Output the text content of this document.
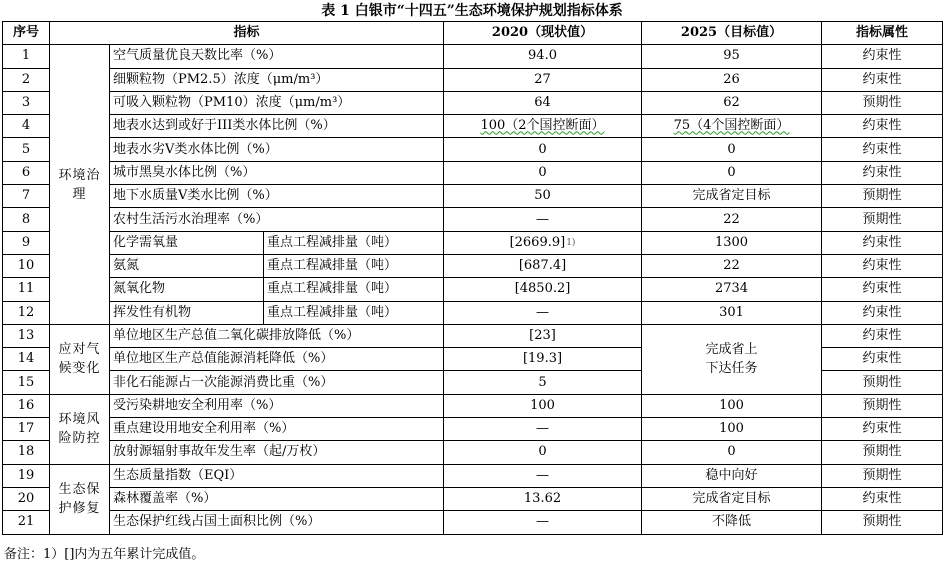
表 1 白银市“十四五”生态环境保护规划指标体系
序号	指标			2020（现状值）	2025（目标值）	指标属性
1	环境治理	空气质量优良天数比率（%）		94.0	95	约束性
2		细颗粒物（PM2.5）浓度（μm/m³）		27	26	约束性
3		可吸入颗粒物（PM10）浓度（μm/m³）		64	62	预期性
4		地表水达到或好于III类水体比例（%）		100（2个国控断面）	75（4个国控断面）	约束性
5		地表水劣Ⅴ类水体比例（%）		0	0	约束性
6		城市黑臭水体比例（%）		0	0	约束性
7		地下水质量Ⅴ类水比例（%）		50	完成省定目标	预期性
8		农村生活污水治理率（%）		—	22	预期性
9		化学需氧量	重点工程减排量（吨）	$[2669.9]^{1)}$	1300	约束性
10		氨氮	重点工程减排量（吨）	[687.4]	22	约束性
11		氮氧化物	重点工程减排量（吨）	[4850.2]	2734	约束性
12		挥发性有机物	重点工程减排量（吨）	—	301	约束性
13	应对气候变化	单位地区生产总值二氧化碳排放降低（%）		[23]	完成省上下达任务	约束性
14		单位地区生产总值能源消耗降低（%）		[19.3]		约束性
15		非化石能源占一次能源消费比重（%）		5		预期性
16	环境风险防控	受污染耕地安全利用率（%）		100	100	预期性
17		重点建设用地安全利用率（%）		—	100	约束性
18		放射源辐射事故年发生率（起/万枚）		0	0	预期性
19	生态保护修复	生态质量指数（EQI）		—	稳中向好	预期性
20		森林覆盖率（%）		13.62	完成省定目标	约束性
21		生态保护红线占国土面积比例（%）		—	不降低	预期性
备注：1）[]内为五年累计完成值。
